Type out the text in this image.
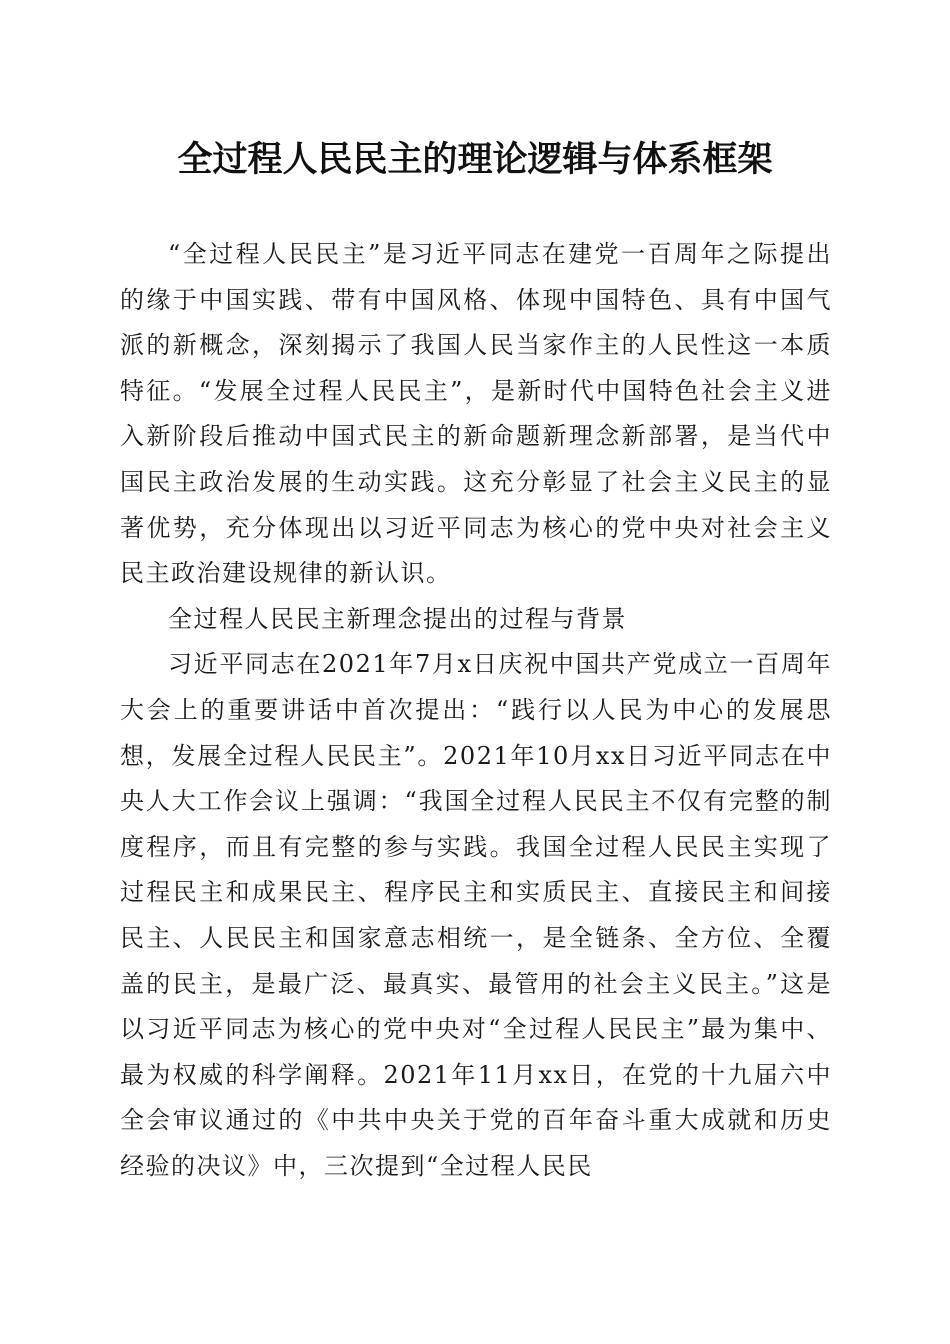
全过程人民民主的理论逻辑与体系框架

“全过程人民民主”是习近平同志在建党一百周年之际提出的缘于中国实践、带有中国风格、体现中国特色、具有中国气派的新概念，深刻揭示了我国人民当家作主的人民性这一本质特征。“发展全过程人民民主”，是新时代中国特色社会主义进入新阶段后推动中国式民主的新命题新理念新部署，是当代中国民主政治发展的生动实践。这充分彰显了社会主义民主的显著优势，充分体现出以习近平同志为核心的党中央对社会主义民主政治建设规律的新认识。

全过程人民民主新理念提出的过程与背景

习近平同志在2021年7月x日庆祝中国共产党成立一百周年大会上的重要讲话中首次提出：“践行以人民为中心的发展思想，发展全过程人民民主”。2021年10月xx日习近平同志在中央人大工作会议上强调：“我国全过程人民民主不仅有完整的制度程序，而且有完整的参与实践。我国全过程人民民主实现了过程民主和成果民主、程序民主和实质民主、直接民主和间接民主、人民民主和国家意志相统一，是全链条、全方位、全覆盖的民主，是最广泛、最真实、最管用的社会主义民主。”这是以习近平同志为核心的党中央对“全过程人民民主”最为集中、最为权威的科学阐释。2021年11月xx日，在党的十九届六中全会审议通过的《中共中央关于党的百年奋斗重大成就和历史经验的决议》中，三次提到“全过程人民民
